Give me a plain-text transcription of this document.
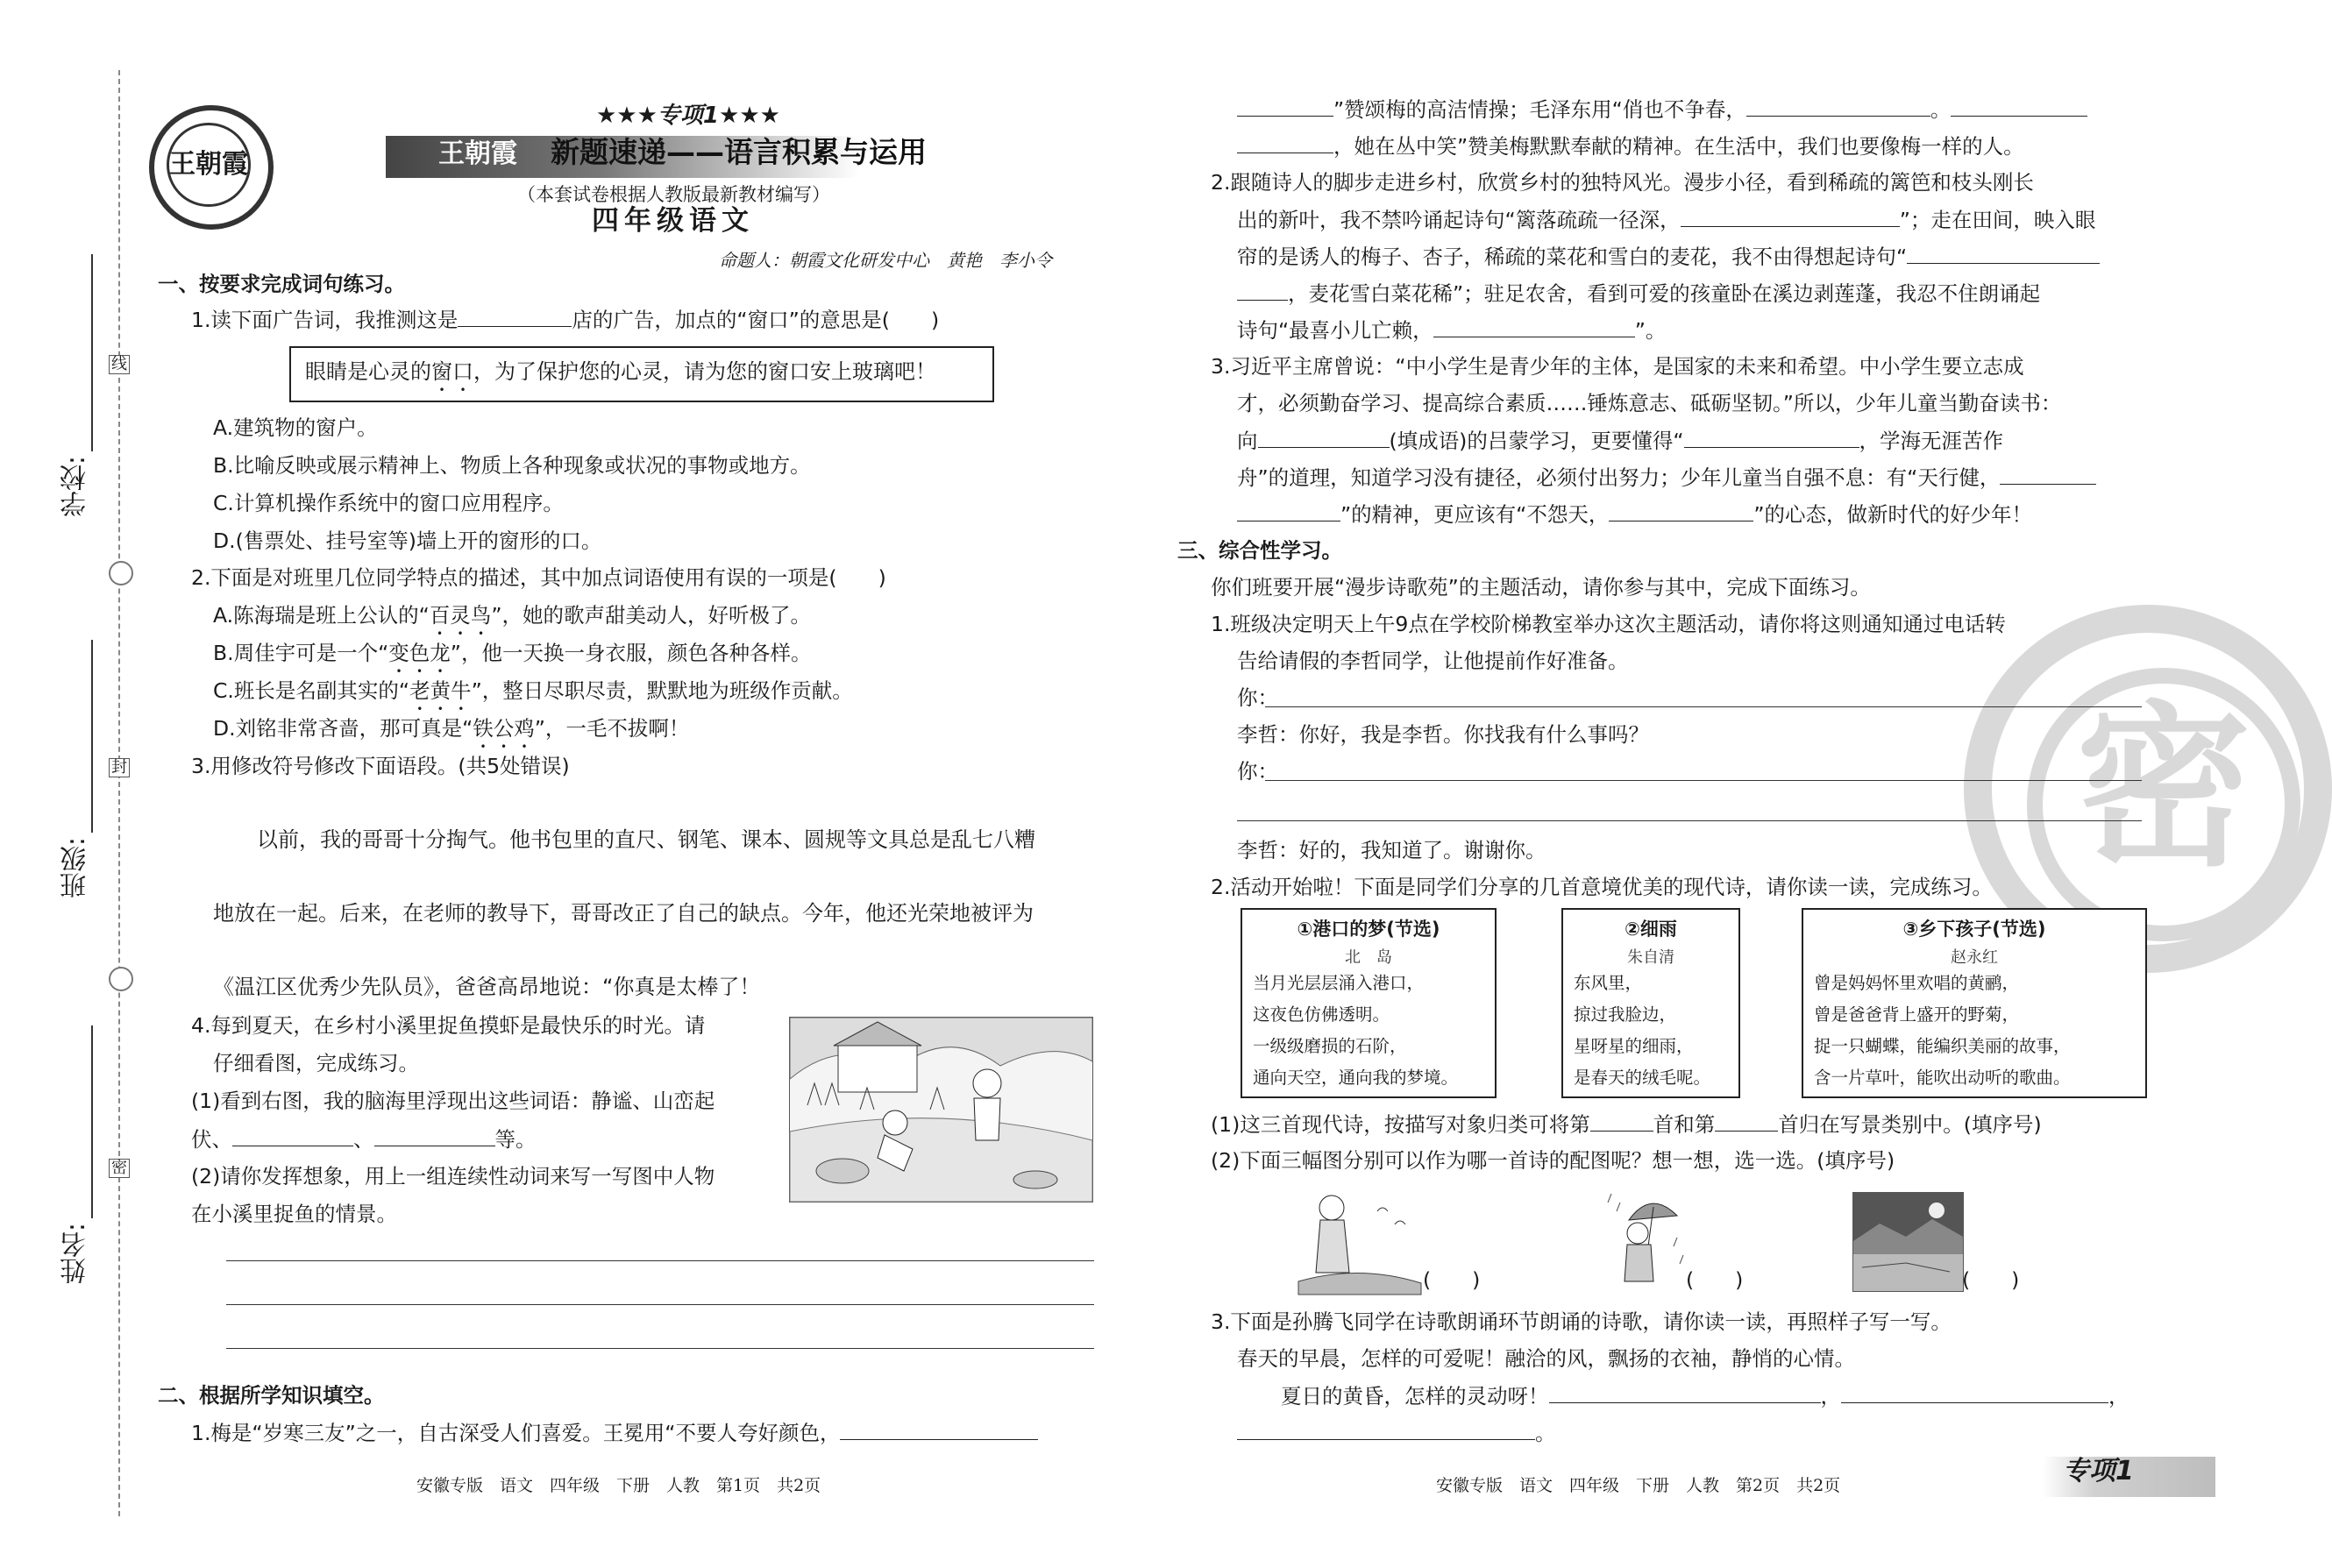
学校:
班级:
姓名:
线
封
密
王朝霞
★★★专项1★★★
王朝霞 新题速递——语言积累与运用
（本套试卷根据人教版最新教材编写）
四年级语文
命题人：朝霞文化研发中心　黄艳　李小令
一、按要求完成词句练习。
1.读下面广告词，我推测这是	店的广告，加点的“窗口”的意思是(　　)
眼睛是心灵的窗口，为了保护您的心灵，请为您的窗口安上玻璃吧！
A.建筑物的窗户。
B.比喻反映或展示精神上、物质上各种现象或状况的事物或地方。
C.计算机操作系统中的窗口应用程序。
D.(售票处、挂号室等)墙上开的窗形的口。
2.下面是对班里几位同学特点的描述，其中加点词语使用有误的一项是(　　)
A.陈海瑞是班上公认的“百灵鸟”，她的歌声甜美动人，好听极了。
B.周佳宇可是一个“变色龙”，他一天换一身衣服，颜色各种各样。
C.班长是名副其实的“老黄牛”，整日尽职尽责，默默地为班级作贡献。
D.刘铭非常吝啬，那可真是“铁公鸡”，一毛不拔啊！
3.用修改符号修改下面语段。(共5处错误)
以前，我的哥哥十分掏气。他书包里的直尺、钢笔、课本、圆规等文具总是乱七八糟
地放在一起。后来，在老师的教导下，哥哥改正了自己的缺点。今年，他还光荣地被评为
《温江区优秀少先队员》，爸爸高昂地说：“你真是太棒了！
4.每到夏天，在乡村小溪里捉鱼摸虾是最快乐的时光。请
仔细看图，完成练习。
(1)看到右图，我的脑海里浮现出这些词语：静谧、山峦起
伏、	、	等。
(2)请你发挥想象，用上一组连续性动词来写一写图中人物
在小溪里捉鱼的情景。
二、根据所学知识填空。
1.梅是“岁寒三友”之一，自古深受人们喜爱。王冕用“不要人夸好颜色，
安徽专版　语文　四年级　下册　人教　第1页　共2页
密
”赞颂梅的高洁情操；毛泽东用“俏也不争春，	。
，她在丛中笑”赞美梅默默奉献的精神。在生活中，我们也要像梅一样的人。
2.跟随诗人的脚步走进乡村，欣赏乡村的独特风光。漫步小径，看到稀疏的篱笆和枝头刚长
出的新叶，我不禁吟诵起诗句“篱落疏疏一径深，	”；走在田间，映入眼
帘的是诱人的梅子、杏子，稀疏的菜花和雪白的麦花，我不由得想起诗句“
，麦花雪白菜花稀”；驻足农舍，看到可爱的孩童卧在溪边剥莲蓬，我忍不住朗诵起
诗句“最喜小儿亡赖，	”。
3.习近平主席曾说：“中小学生是青少年的主体，是国家的未来和希望。中小学生要立志成
才，必须勤奋学习、提高综合素质……锤炼意志、砥砺坚韧。”所以，少年儿童当勤奋读书：
向	(填成语)的吕蒙学习，更要懂得“	，学海无涯苦作
舟”的道理，知道学习没有捷径，必须付出努力；少年儿童当自强不息：有“天行健，
”的精神，更应该有“不怨天，	”的心态，做新时代的好少年！
三、综合性学习。
你们班要开展“漫步诗歌苑”的主题活动，请你参与其中，完成下面练习。
1.班级决定明天上午9点在学校阶梯教室举办这次主题活动，请你将这则通知通过电话转
告给请假的李哲同学，让他提前作好准备。
你：
李哲：你好，我是李哲。你找我有什么事吗？
你：
李哲：好的，我知道了。谢谢你。
2.活动开始啦！下面是同学们分享的几首意境优美的现代诗，请你读一读，完成练习。
①港口的梦(节选)
北　岛
当月光层层涌入港口，
这夜色仿佛透明。
一级级磨损的石阶，
通向天空，通向我的梦境。
②细雨
朱自清
东风里，
掠过我脸边，
星呀星的细雨，
是春天的绒毛呢。
③乡下孩子(节选)
赵永红
曾是妈妈怀里欢唱的黄鹂，
曾是爸爸背上盛开的野菊，
捉一只蝴蝶，能编织美丽的故事，
含一片草叶，能吹出动听的歌曲。
(1)这三首现代诗，按描写对象归类可将第	首和第	首归在写景类别中。(填序号)
(2)下面三幅图分别可以作为哪一首诗的配图呢？想一想，选一选。(填序号)
(　　)	(　　)	(　　)
3.下面是孙腾飞同学在诗歌朗诵环节朗诵的诗歌，请你读一读，再照样子写一写。
春天的早晨，怎样的可爱呢！融洽的风，飘扬的衣袖，静悄的心情。
夏日的黄昏，怎样的灵动呀！	，	，
。
安徽专版　语文　四年级　下册　人教　第2页　共2页	专项1
